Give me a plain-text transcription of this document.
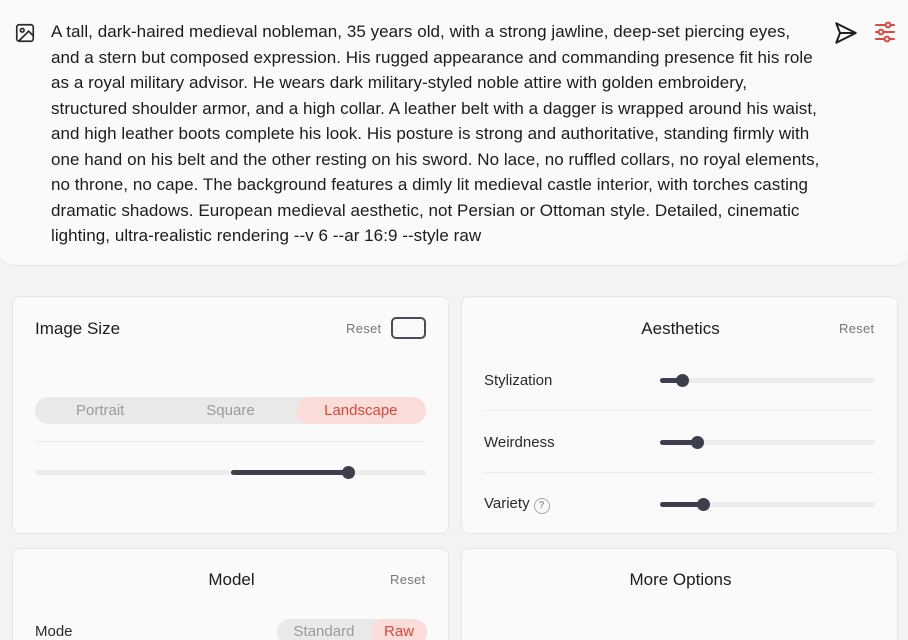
A tall, dark-haired medieval nobleman, 35 years old, with a strong jawline, deep-set piercing eyes, and a stern but composed expression. His rugged appearance and commanding presence fit his role as a royal military advisor. He wears dark military-styled noble attire with golden embroidery, structured shoulder armor, and a high collar. A leather belt with a dagger is wrapped around his waist, and high leather boots complete his look. His posture is strong and authoritative, standing firmly with one hand on his belt and the other resting on his sword. No lace, no ruffled collars, no royal elements, no throne, no cape. The background features a dimly lit medieval castle interior, with torches casting dramatic shadows. European medieval aesthetic, not Persian or Ottoman style. Detailed, cinematic lighting, ultra-realistic rendering --v 6 --ar 16:9 --style raw
Image Size	Reset
Portrait	Square	Landscape
Aesthetics	Reset
Stylization
Weirdness
Variety ?
Model	Reset
Mode	Standard	Raw
More Options
